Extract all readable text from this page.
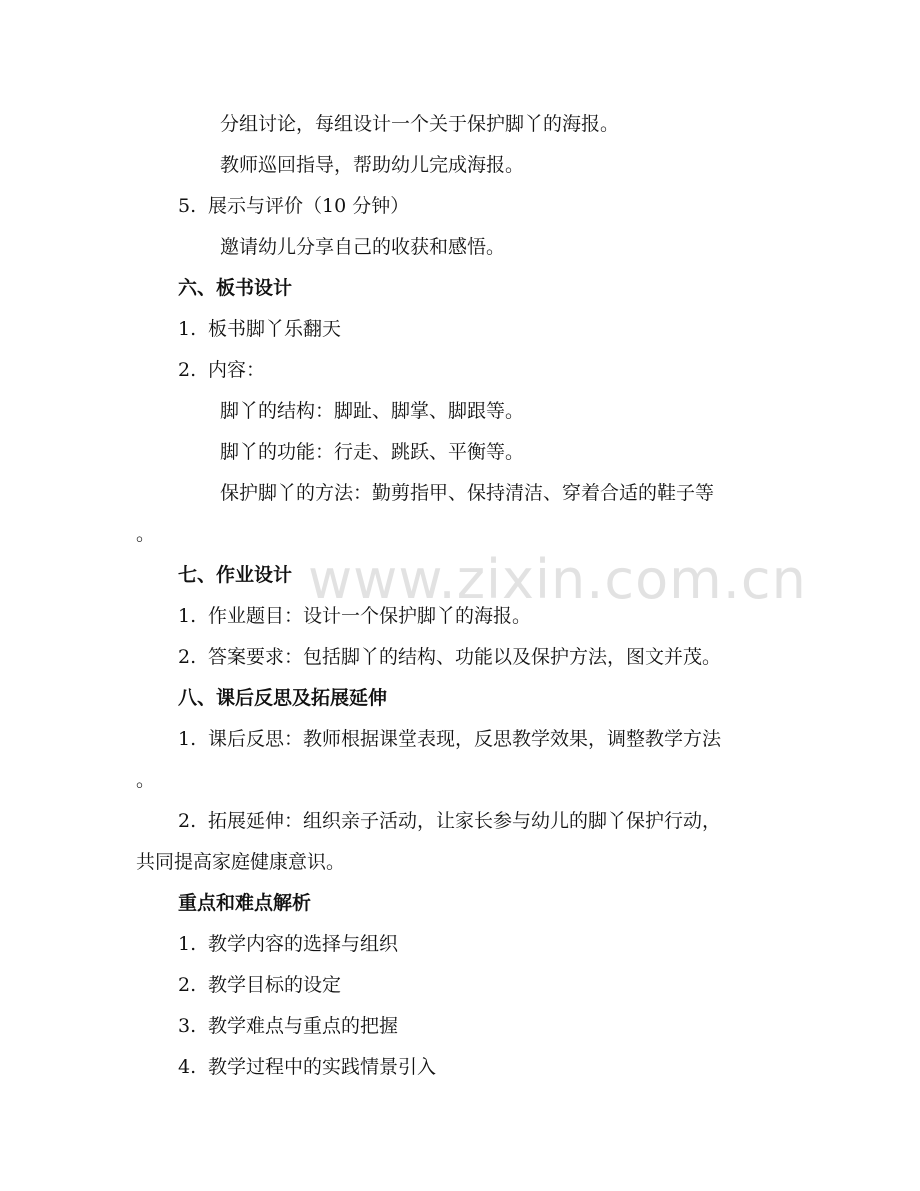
分组讨论，每组设计一个关于保护脚丫的海报。
教师巡回指导，帮助幼儿完成海报。
5. 展示与评价（10 分钟）
邀请幼儿分享自己的收获和感悟。
六、板书设计
1. 板书脚丫乐翻天
2. 内容：
脚丫的结构：脚趾、脚掌、脚跟等。
脚丫的功能：行走、跳跃、平衡等。
保护脚丫的方法：勤剪指甲、保持清洁、穿着合适的鞋子等
。
七、作业设计
1. 作业题目：设计一个保护脚丫的海报。
2. 答案要求：包括脚丫的结构、功能以及保护方法，图文并茂。
八、课后反思及拓展延伸
1. 课后反思：教师根据课堂表现，反思教学效果，调整教学方法
。
2. 拓展延伸：组织亲子活动，让家长参与幼儿的脚丫保护行动，
共同提高家庭健康意识。
重点和难点解析
1. 教学内容的选择与组织
2. 教学目标的设定
3. 教学难点与重点的把握
4. 教学过程中的实践情景引入
www.zixin.com.cn
